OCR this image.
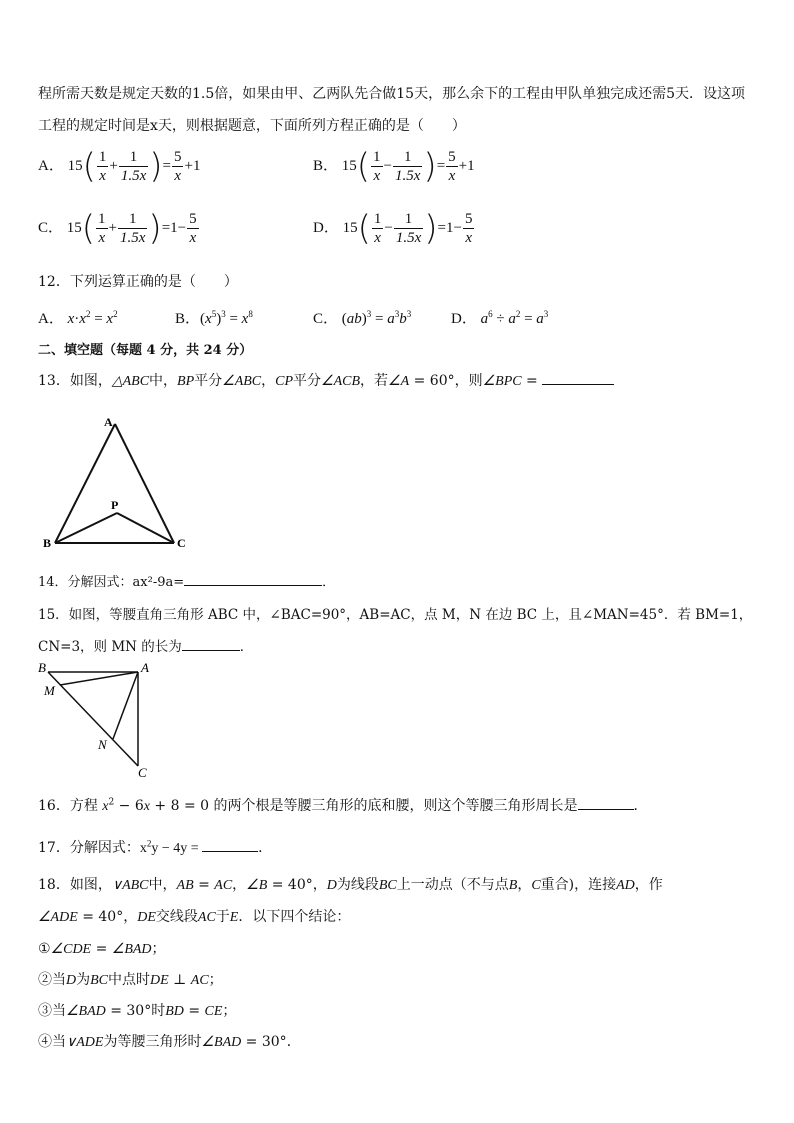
程所需天数是规定天数的1.5倍，如果由甲、乙两队先合做15天，那么余下的工程由甲队单独完成还需5天．设这项
工程的规定时间是x天，则根据题意，下面所列方程正确的是（　　）
A． $15( \frac{1}{x} + \frac{1}{1.5x}$ )= $\frac{5}{x} +1$	B． $15( \frac{1}{x} - \frac{1}{1.5x}$ )= $\frac{5}{x} +1$
C． $15( \frac{1}{x} + \frac{1}{1.5x} )=1- \frac{5}{x}$	D． $15( \frac{1}{x} - \frac{1}{1.5x} )=1- \frac{5}{x}$
12．下列运算正确的是（　　）
A． $x\cdot x^2 = x^2$	B．$(x^5)^3 = x^8$	C． $(ab)^3 = a^3b^3$	D． $a^6 \div a^2 = a^3$
二、填空题（每题 4 分，共 24 分）
13．如图，△ABC中，BP平分∠ABC，CP平分∠ACB，若∠A = 60°，则∠BPC =
A
P
B	C
14．分解因式：ax²-9a=	．
15．如图，等腰直角三角形 ABC 中，∠BAC=90°，AB=AC，点 M，N 在边 BC 上，且∠MAN=45°．若 BM=1，
CN=3，则 MN 的长为	．
B	A
M
N
C
16．方程 $x^2 - 6x + 8 = 0$ 的两个根是等腰三角形的底和腰，则这个等腰三角形周长是	．
17．分解因式：$x^2y - 4y$ =	．
18．如图，∨ABC中，AB = AC，∠B = 40°，D为线段BC上一动点（不与点B，C重合)，连接AD，作
∠ADE = 40°，DE交线段AC于E．以下四个结论：
①∠CDE = ∠BAD；
②当D为BC中点时DE ⊥ AC；
③当∠BAD = 30°时BD = CE；
④当∨ADE为等腰三角形时∠BAD = 30°．
